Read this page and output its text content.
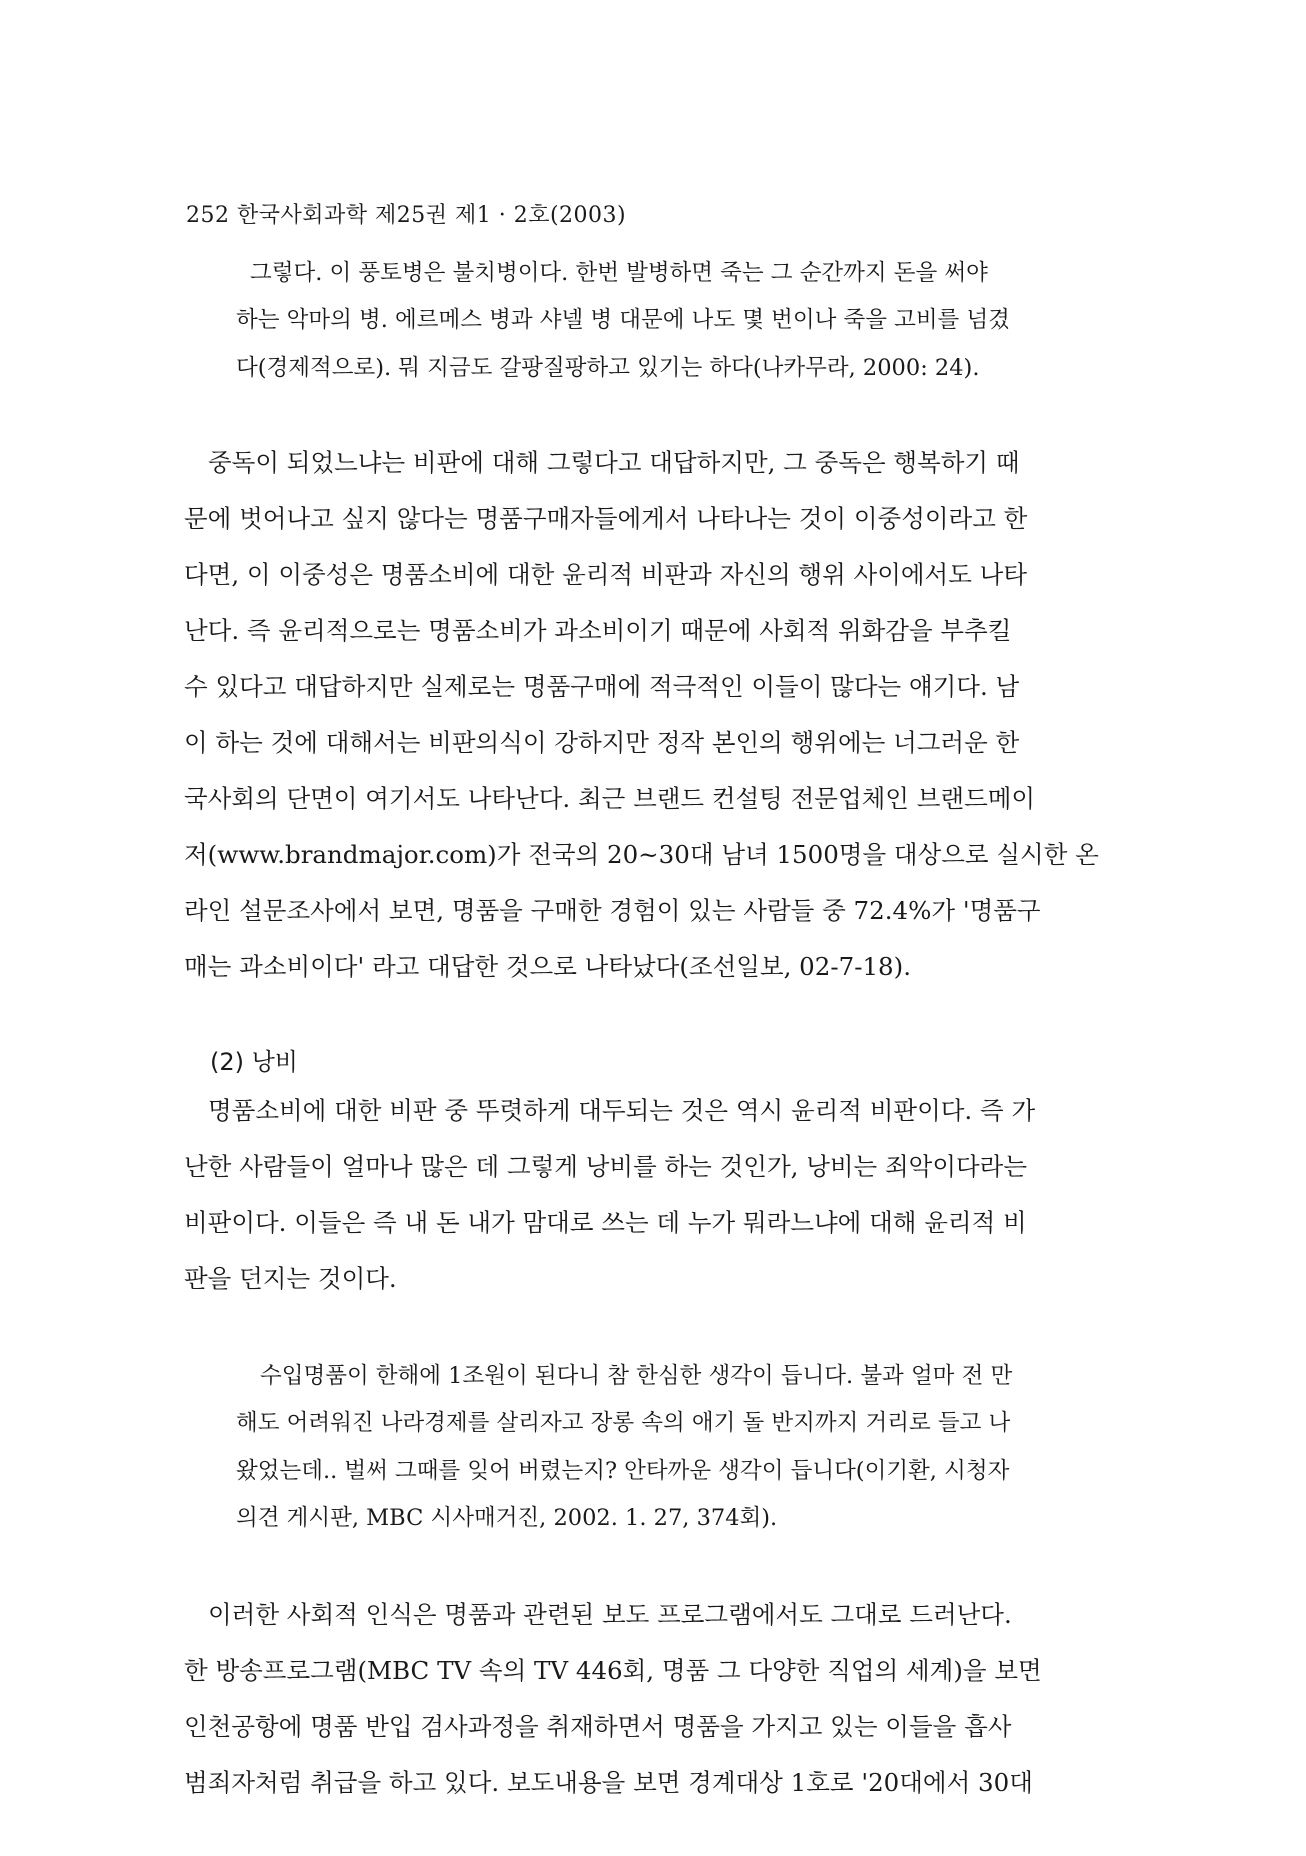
252 한국사회과학 제25권 제1 · 2호(2003)
그렇다. 이 풍토병은 불치병이다. 한번 발병하면 죽는 그 순간까지 돈을 써야
하는 악마의 병. 에르메스 병과 샤넬 병 대문에 나도 몇 번이나 죽을 고비를 넘겼
다(경제적으로). 뭐 지금도 갈팡질팡하고 있기는 하다(나카무라, 2000: 24).
중독이 되었느냐는 비판에 대해 그렇다고 대답하지만, 그 중독은 행복하기 때
문에 벗어나고 싶지 않다는 명품구매자들에게서 나타나는 것이 이중성이라고 한
다면, 이 이중성은 명품소비에 대한 윤리적 비판과 자신의 행위 사이에서도 나타
난다. 즉 윤리적으로는 명품소비가 과소비이기 때문에 사회적 위화감을 부추킬
수 있다고 대답하지만 실제로는 명품구매에 적극적인 이들이 많다는 얘기다. 남
이 하는 것에 대해서는 비판의식이 강하지만 정작 본인의 행위에는 너그러운 한
국사회의 단면이 여기서도 나타난다. 최근 브랜드 컨설팅 전문업체인 브랜드메이
저(www.brandmajor.com)가 전국의 20~30대 남녀 1500명을 대상으로 실시한 온
라인 설문조사에서 보면, 명품을 구매한 경험이 있는 사람들 중 72.4%가 '명품구
매는 과소비이다' 라고 대답한 것으로 나타났다(조선일보, 02-7-18).
(2) 낭비
명품소비에 대한 비판 중 뚜렷하게 대두되는 것은 역시 윤리적 비판이다. 즉 가
난한 사람들이 얼마나 많은 데 그렇게 낭비를 하는 것인가, 낭비는 죄악이다라는
비판이다. 이들은 즉 내 돈 내가 맘대로 쓰는 데 누가 뭐라느냐에 대해 윤리적 비
판을 던지는 것이다.
수입명품이 한해에 1조원이 된다니 참 한심한 생각이 듭니다. 불과 얼마 전 만
해도 어려워진 나라경제를 살리자고 장롱 속의 애기 돌 반지까지 거리로 들고 나
왔었는데.. 벌써 그때를 잊어 버렸는지? 안타까운 생각이 듭니다(이기환, 시청자
의견 게시판, MBC 시사매거진, 2002. 1. 27, 374회).
이러한 사회적 인식은 명품과 관련된 보도 프로그램에서도 그대로 드러난다.
한 방송프로그램(MBC TV 속의 TV 446회, 명품 그 다양한 직업의 세계)을 보면
인천공항에 명품 반입 검사과정을 취재하면서 명품을 가지고 있는 이들을 흡사
범죄자처럼 취급을 하고 있다. 보도내용을 보면 경계대상 1호로 '20대에서 30대
